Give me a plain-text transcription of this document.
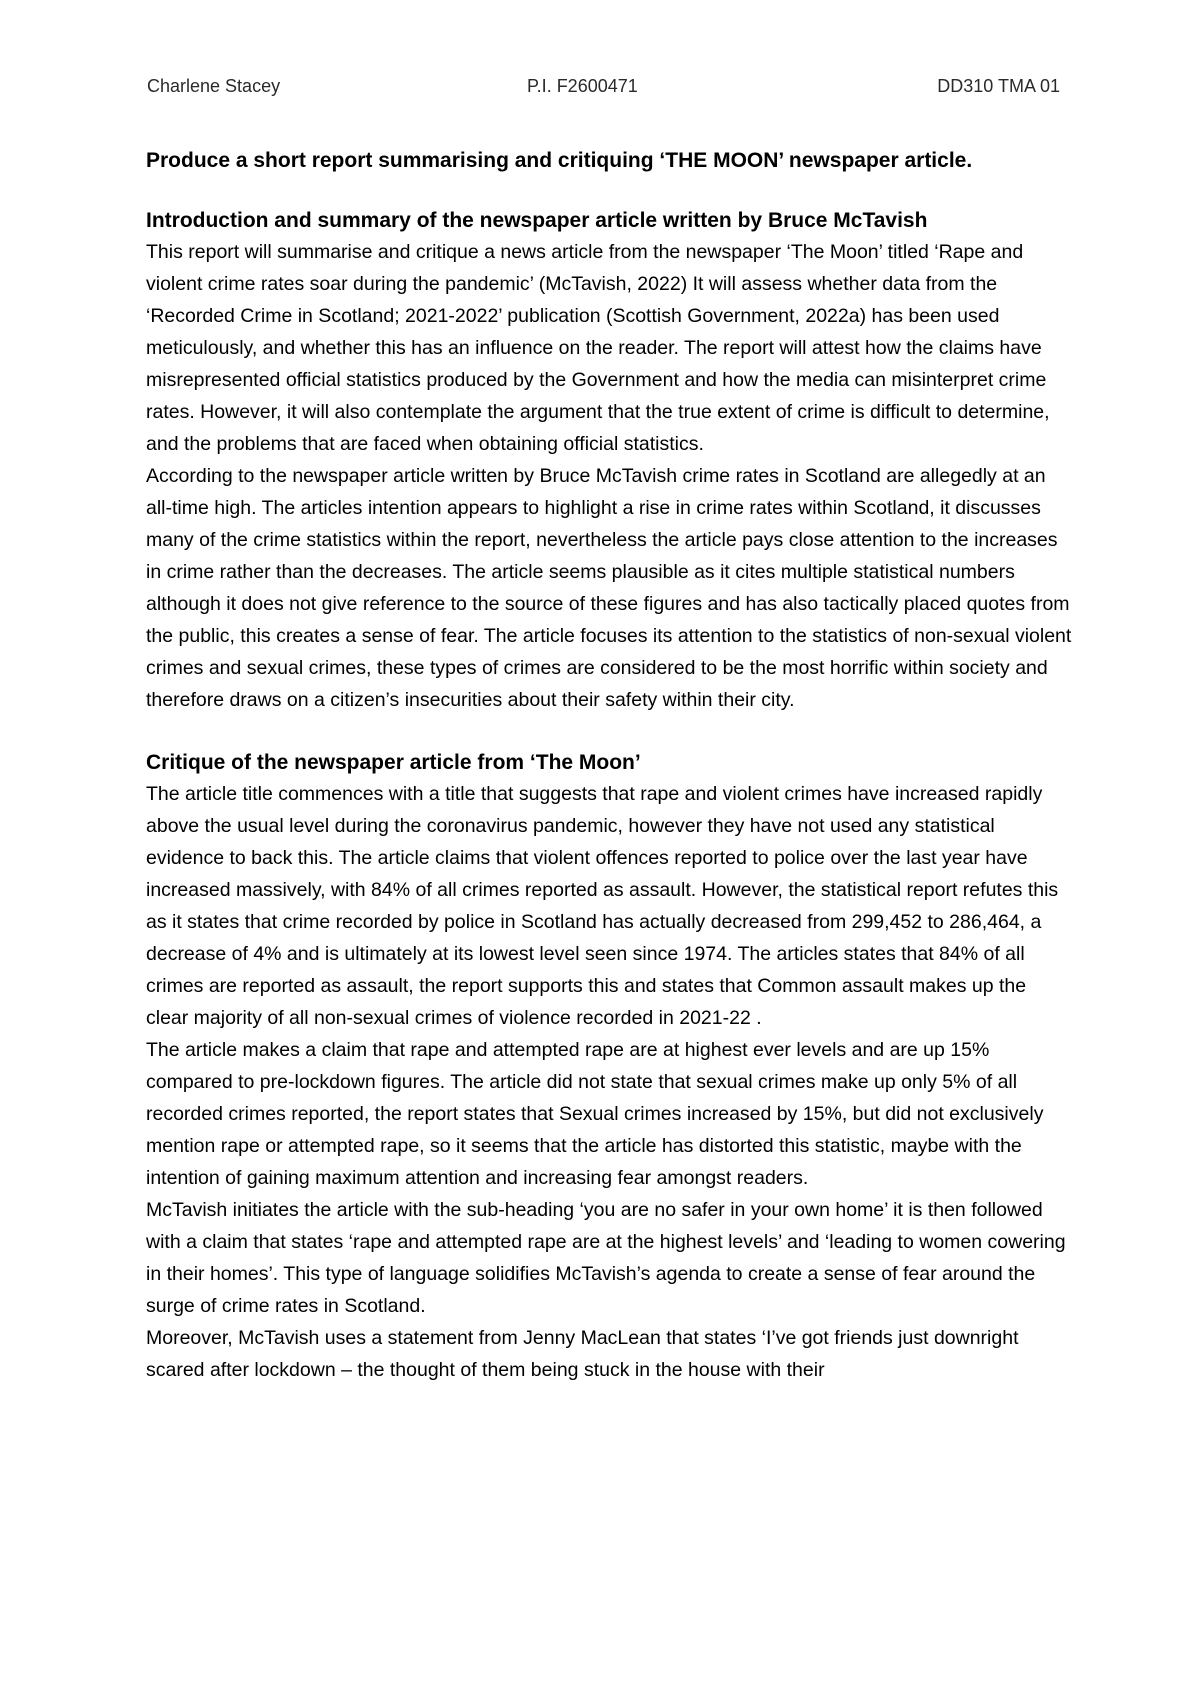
Charlene Stacey	P.I. F2600471	DD310 TMA 01

Produce a short report summarising and critiquing ‘THE MOON’ newspaper article.

Introduction and summary of the newspaper article written by Bruce McTavish

This report will summarise and critique a news article from the newspaper ‘The Moon’ titled ‘Rape and violent crime rates soar during the pandemic’ (McTavish, 2022) It will assess whether data from the ‘Recorded Crime in Scotland; 2021-2022’ publication (Scottish Government, 2022a) has been used meticulously, and whether this has an influence on the reader. The report will attest how the claims have misrepresented official statistics produced by the Government and how the media can misinterpret crime rates. However, it will also contemplate the argument that the true extent of crime is difficult to determine, and the problems that are faced when obtaining official statistics.

According to the newspaper article written by Bruce McTavish crime rates in Scotland are allegedly at an all-time high. The articles intention appears to highlight a rise in crime rates within Scotland, it discusses many of the crime statistics within the report, nevertheless the article pays close attention to the increases in crime rather than the decreases. The article seems plausible as it cites multiple statistical numbers although it does not give reference to the source of these figures and has also tactically placed quotes from the public, this creates a sense of fear. The article focuses its attention to the statistics of non-sexual violent crimes and sexual crimes, these types of crimes are considered to be the most horrific within society and therefore draws on a citizen’s insecurities about their safety within their city.

Critique of the newspaper article from ‘The Moon’

The article title commences with a title that suggests that rape and violent crimes have increased rapidly above the usual level during the coronavirus pandemic, however they have not used any statistical evidence to back this. The article claims that violent offences reported to police over the last year have increased massively, with 84% of all crimes reported as assault. However, the statistical report refutes this as it states that crime recorded by police in Scotland has actually decreased from 299,452 to 286,464, a decrease of 4% and is ultimately at its lowest level seen since 1974. The articles states that 84% of all crimes are reported as assault, the report supports this and states that Common assault makes up the clear majority of all non-sexual crimes of violence recorded in 2021-22 .

The article makes a claim that rape and attempted rape are at highest ever levels and are up 15% compared to pre-lockdown figures. The article did not state that sexual crimes make up only 5% of all recorded crimes reported, the report states that Sexual crimes increased by 15%, but did not exclusively mention rape or attempted rape, so it seems that the article has distorted this statistic, maybe with the intention of gaining maximum attention and increasing fear amongst readers.

McTavish initiates the article with the sub-heading ‘you are no safer in your own home’ it is then followed with a claim that states ‘rape and attempted rape are at the highest levels’ and ‘leading to women cowering in their homes’. This type of language solidifies McTavish’s agenda to create a sense of fear around the surge of crime rates in Scotland.

Moreover, McTavish uses a statement from Jenny MacLean that states ‘I’ve got friends just downright scared after lockdown – the thought of them being stuck in the house with their
